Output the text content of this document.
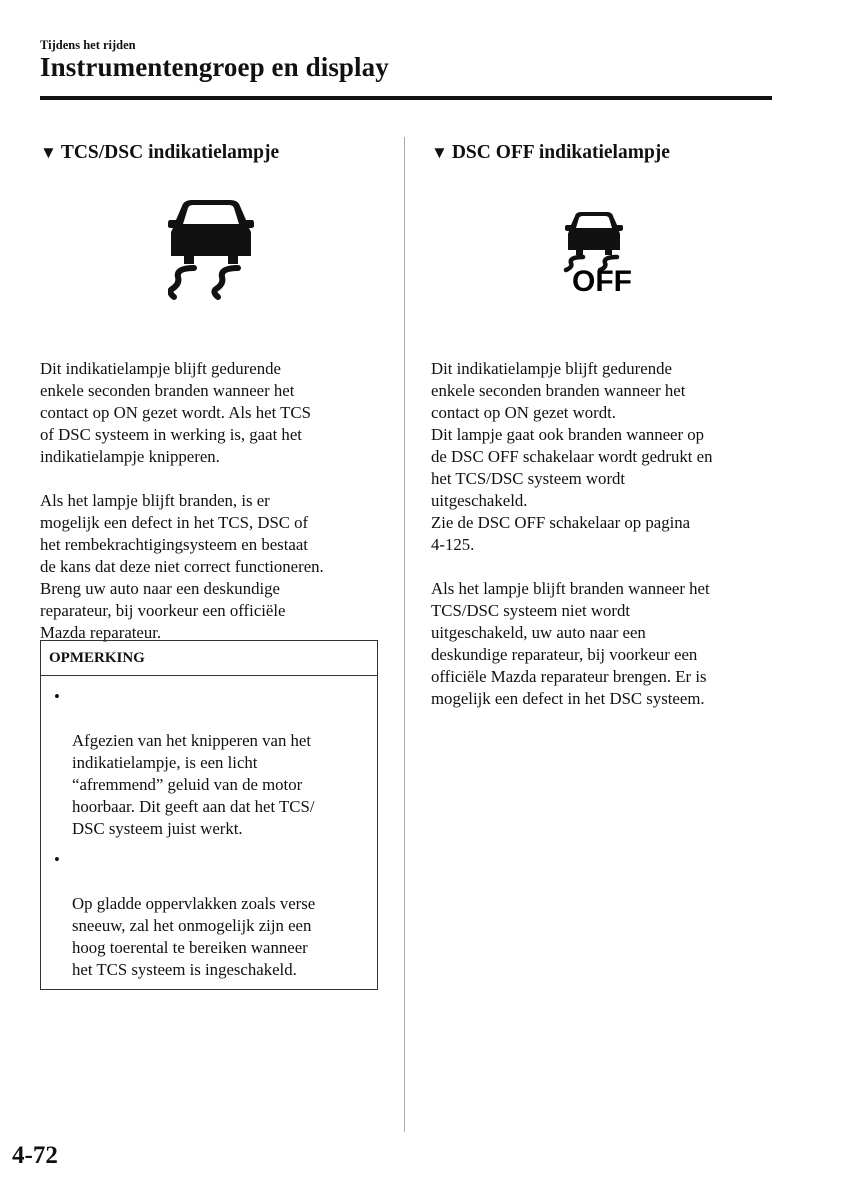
Tijdens het rijden
Instrumentengroep en display
▼ TCS/DSC indikatielampje

Dit indikatielampje blijft gedurende
enkele seconden branden wanneer het
contact op ON gezet wordt. Als het TCS
of DSC systeem in werking is, gaat het
indikatielampje knipperen.

Als het lampje blijft branden, is er
mogelijk een defect in het TCS, DSC of
het rembekrachtigingsysteem en bestaat
de kans dat deze niet correct functioneren.
Breng uw auto naar een deskundige
reparateur, bij voorkeur een officiële
Mazda reparateur.

OPMERKING

•

Afgezien van het knipperen van het
indikatielampje, is een licht
“afremmend” geluid van de motor
hoorbaar. Dit geeft aan dat het TCS/
DSC systeem juist werkt.

•

Op gladde oppervlakken zoals verse
sneeuw, zal het onmogelijk zijn een
hoog toerental te bereiken wanneer
het TCS systeem is ingeschakeld.

▼ DSC OFF indikatielampje
OFF

Dit indikatielampje blijft gedurende
enkele seconden branden wanneer het
contact op ON gezet wordt.
Dit lampje gaat ook branden wanneer op
de DSC OFF schakelaar wordt gedrukt en
het TCS/DSC systeem wordt
uitgeschakeld.
Zie de DSC OFF schakelaar op pagina
4-125.

Als het lampje blijft branden wanneer het
TCS/DSC systeem niet wordt
uitgeschakeld, uw auto naar een
deskundige reparateur, bij voorkeur een
officiële Mazda reparateur brengen. Er is
mogelijk een defect in het DSC systeem.

4-72
